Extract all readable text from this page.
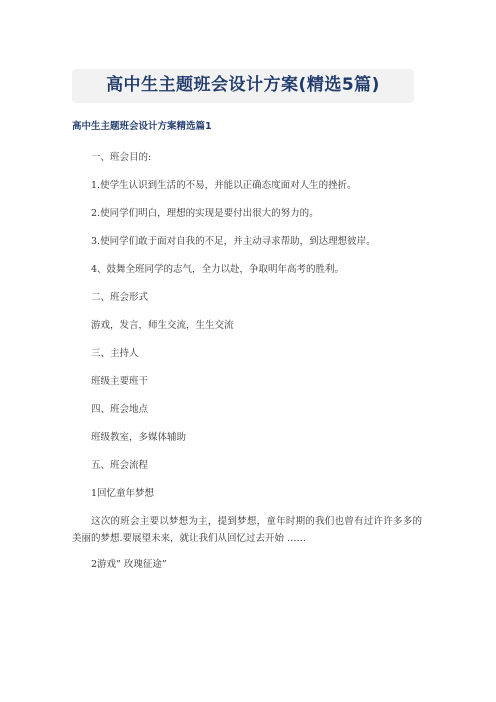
高中生主题班会设计方案(精选5篇)
高中生主题班会设计方案精选篇1
一、班会目的:
1.使学生认识到生活的不易，并能以正确态度面对人生的挫折。
2.使同学们明白，理想的实现是要付出很大的努力的。
3.使同学们敢于面对自我的不足，并主动寻求帮助，到达理想彼岸。
4、鼓舞全班同学的志气，全力以赴，争取明年高考的胜利。
二、班会形式
游戏，发言，师生交流，生生交流
三、主持人
班级主要班干
四、班会地点
班级教室，多媒体辅助
五、班会流程
1回忆童年梦想
这次的班会主要以梦想为主，提到梦想，童年时期的我们也曾有过许许多多的美丽的梦想.要展望未来，就让我们从回忆过去开始 ……
2游戏” 玫瑰征途”
